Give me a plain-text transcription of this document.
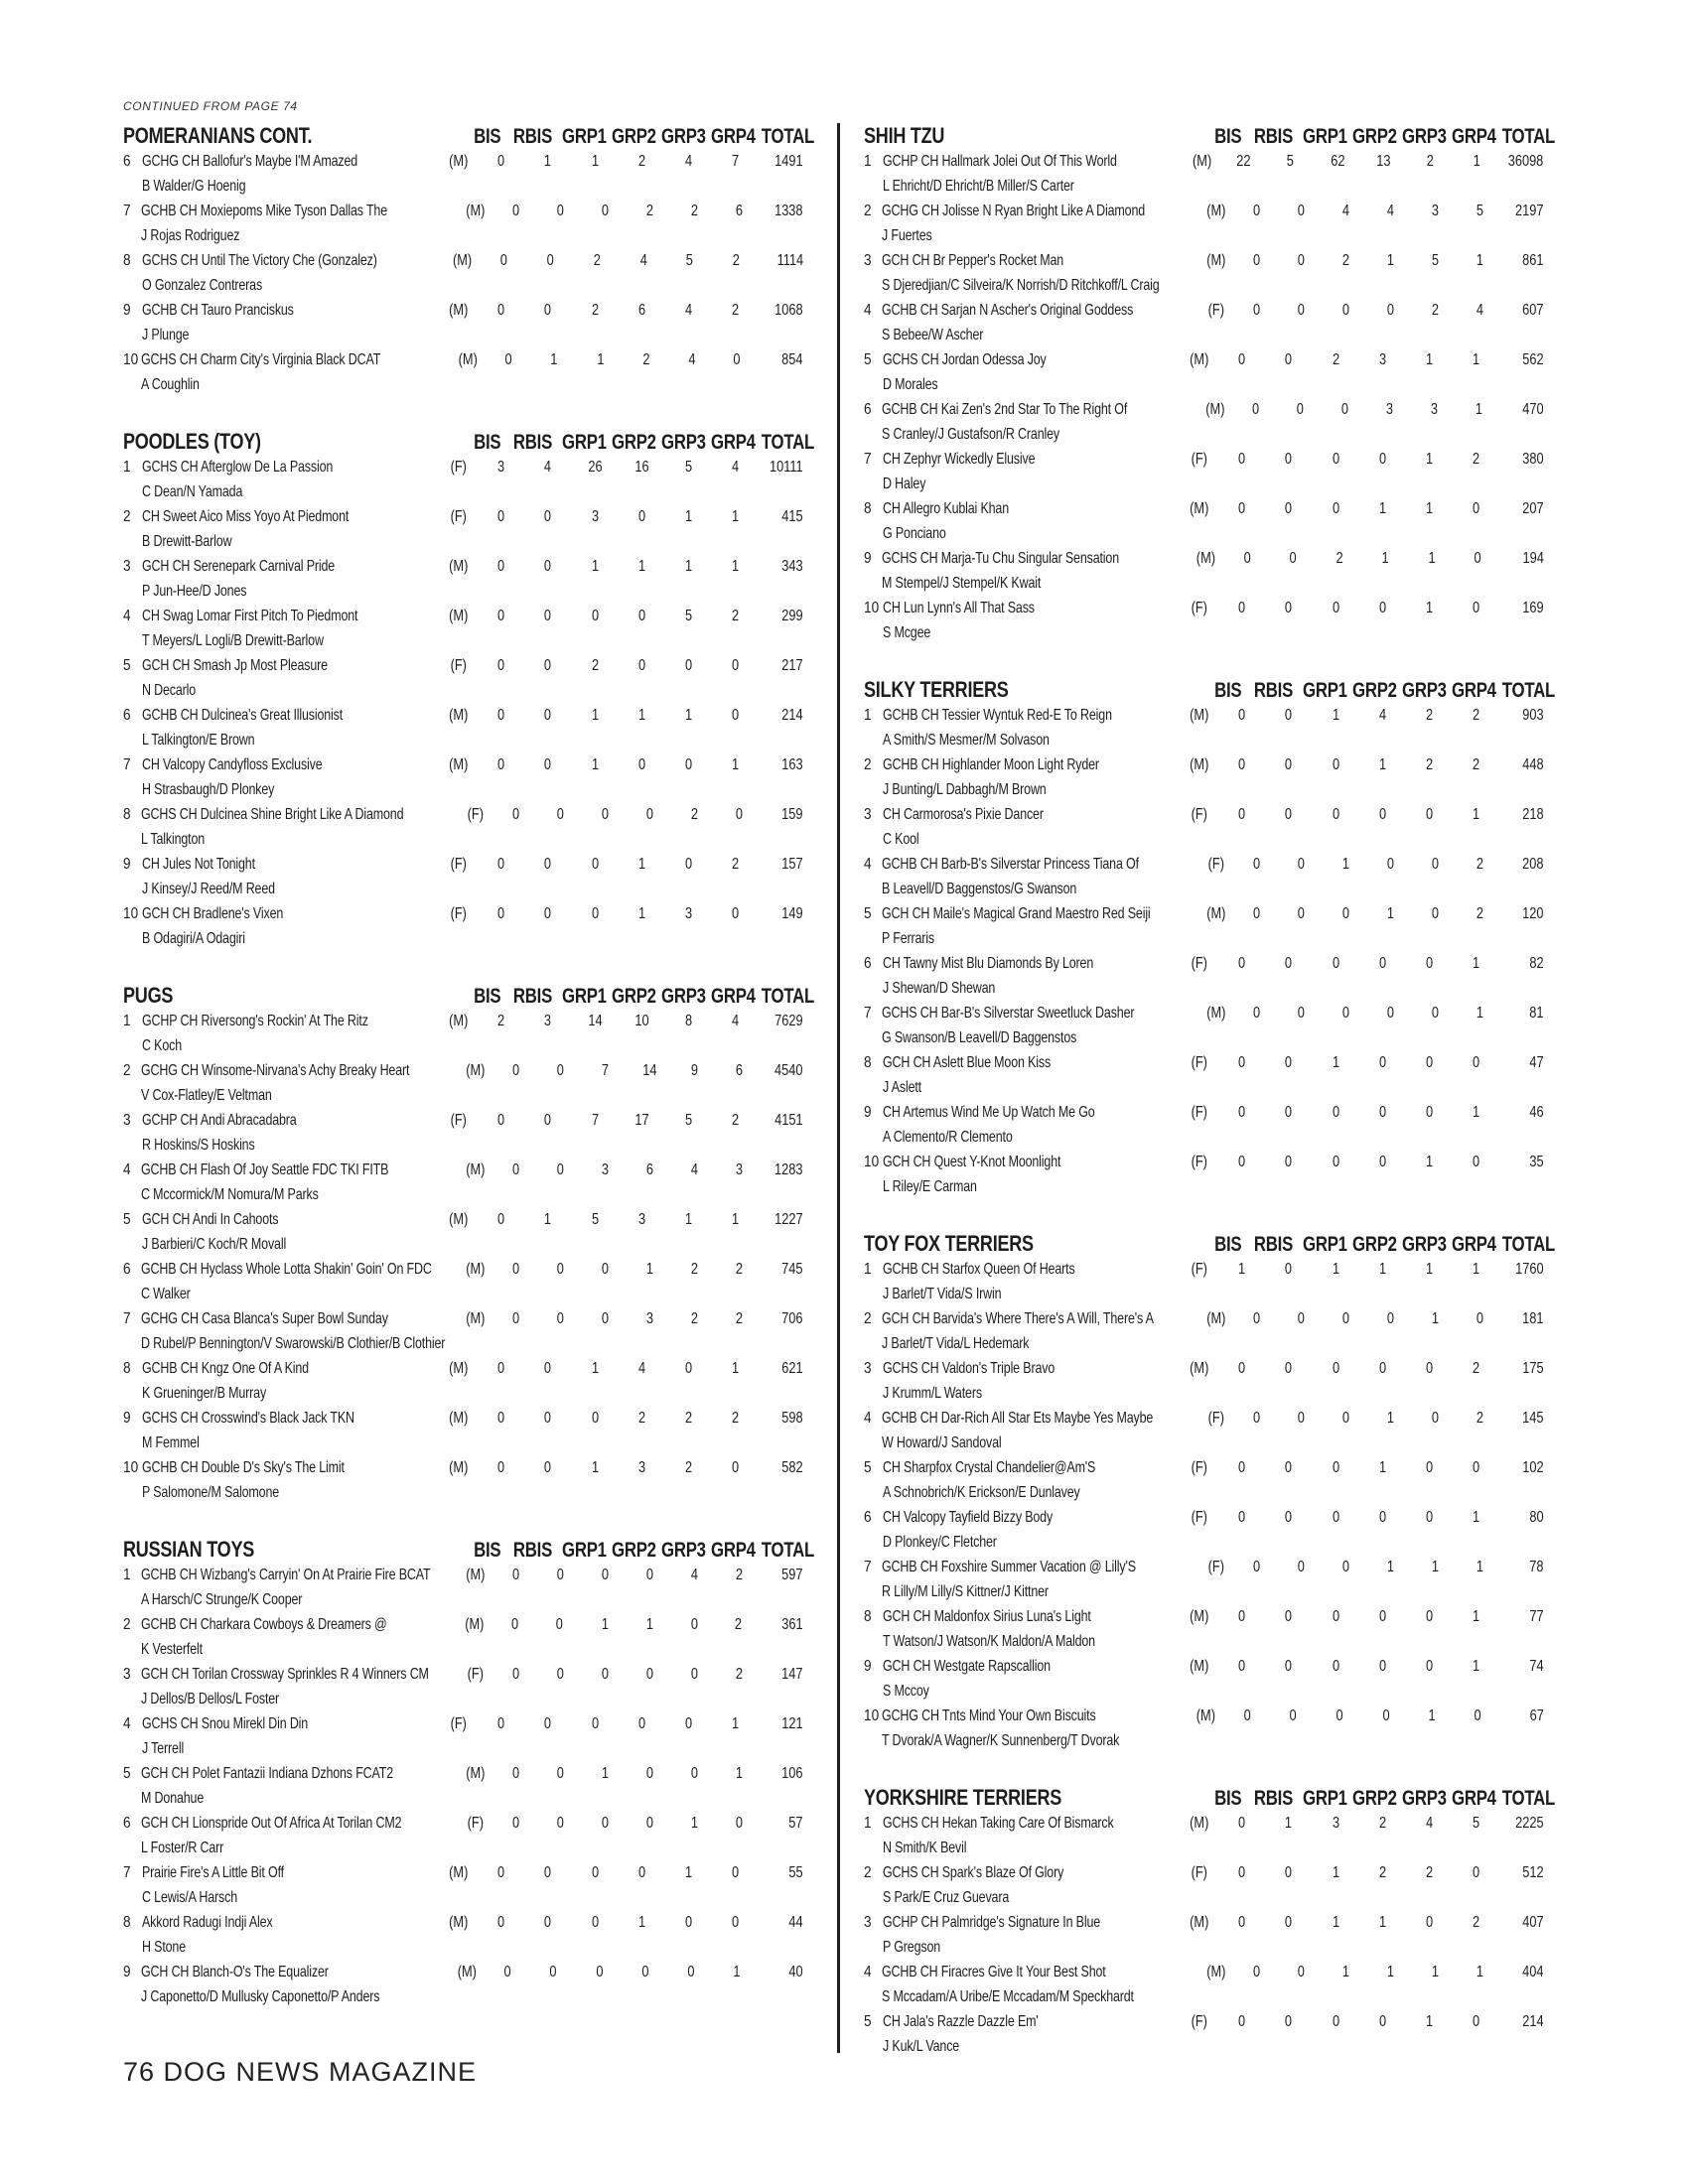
CONTINUED FROM PAGE 74
POMERANIANS CONT.	BIS RBIS GRP1 GRP2 GRP3 GRP4 TOTAL
6 GCHG CH Ballofur's Maybe I'M Amazed
B Walder/G Hoenig
(M)	0	1	1	2	4	7	1491
7 GCHB CH Moxiepoms Mike Tyson Dallas The
J Rojas Rodriguez
(M)	0	0	0	2	2	6	1338
8 GCHS CH Until The Victory Che (Gonzalez)
O Gonzalez Contreras
(M)	0	0	2	4	5	2	1114
9 GCHB CH Tauro Pranciskus
J Plunge
(M)	0	0	2	6	4	2	1068
10 GCHS CH Charm City's Virginia Black DCAT
A Coughlin
(M)	0	1	1	2	4	0	854
POODLES (TOY)	BIS RBIS GRP1 GRP2 GRP3 GRP4 TOTAL
1 GCHS CH Afterglow De La Passion
C Dean/N Yamada
(F)	3	4	26	16	5	4	10111
2 CH Sweet Aico Miss Yoyo At Piedmont
B Drewitt-Barlow
(F)	0	0	3	0	1	1	415
3 GCH CH Serenepark Carnival Pride
P Jun-Hee/D Jones
(M)	0	0	1	1	1	1	343
4 CH Swag Lomar First Pitch To Piedmont
T Meyers/L Logli/B Drewitt-Barlow
(M)	0	0	0	0	5	2	299
5 GCH CH Smash Jp Most Pleasure
N Decarlo
(F)	0	0	2	0	0	0	217
6 GCHB CH Dulcinea's Great Illusionist
L Talkington/E Brown
(M)	0	0	1	1	1	0	214
7 CH Valcopy Candyfloss Exclusive
H Strasbaugh/D Plonkey
(M)	0	0	1	0	0	1	163
8 GCHS CH Dulcinea Shine Bright Like A Diamond
L Talkington
(F)	0	0	0	0	2	0	159
9 CH Jules Not Tonight
J Kinsey/J Reed/M Reed
(F)	0	0	0	1	0	2	157
10 GCH CH Bradlene's Vixen
B Odagiri/A Odagiri
(F)	0	0	0	1	3	0	149
PUGS	BIS RBIS GRP1 GRP2 GRP3 GRP4 TOTAL
1 GCHP CH Riversong's Rockin' At The Ritz
C Koch
(M)	2	3	14	10	8	4	7629
2 GCHG CH Winsome-Nirvana's Achy Breaky Heart
V Cox-Flatley/E Veltman
(M)	0	0	7	14	9	6	4540
3 GCHP CH Andi Abracadabra
R Hoskins/S Hoskins
(F)	0	0	7	17	5	2	4151
4 GCHB CH Flash Of Joy Seattle FDC TKI FITB
C Mccormick/M Nomura/M Parks
(M)	0	0	3	6	4	3	1283
5 GCH CH Andi In Cahoots
J Barbieri/C Koch/R Movall
(M)	0	1	5	3	1	1	1227
6 GCHB CH Hyclass Whole Lotta Shakin' Goin' On FDC
C Walker
(M)	0	0	0	1	2	2	745
7 GCHG CH Casa Blanca's Super Bowl Sunday
D Rubel/P Bennington/V Swarowski/B Clothier/B Clothier
(M)	0	0	0	3	2	2	706
8 GCHB CH Kngz One Of A Kind
K Grueninger/B Murray
(M)	0	0	1	4	0	1	621
9 GCHS CH Crosswind's Black Jack TKN
M Femmel
(M)	0	0	0	2	2	2	598
10 GCHB CH Double D's Sky's The Limit
P Salomone/M Salomone
(M)	0	0	1	3	2	0	582
RUSSIAN TOYS	BIS RBIS GRP1 GRP2 GRP3 GRP4 TOTAL
1 GCHB CH Wizbang's Carryin' On At Prairie Fire BCAT
A Harsch/C Strunge/K Cooper
(M)	0	0	0	0	4	2	597
2 GCHB CH Charkara Cowboys & Dreamers @
K Vesterfelt
(M)	0	0	1	1	0	2	361
3 GCH CH Torilan Crossway Sprinkles R 4 Winners CM
J Dellos/B Dellos/L Foster
(F)	0	0	0	0	0	2	147
4 GCHS CH Snou Mirekl Din Din
J Terrell
(F)	0	0	0	0	0	1	121
5 GCH CH Polet Fantazii Indiana Dzhons FCAT2
M Donahue
(M)	0	0	1	0	0	1	106
6 GCH CH Lionspride Out Of Africa At Torilan CM2
L Foster/R Carr
(F)	0	0	0	0	1	0	57
7 Prairie Fire's A Little Bit Off
C Lewis/A Harsch
(M)	0	0	0	0	1	0	55
8 Akkord Radugi Indji Alex
H Stone
(M)	0	0	0	1	0	0	44
9 GCH CH Blanch-O's The Equalizer
J Caponetto/D Mullusky Caponetto/P Anders
(M)	0	0	0	0	0	1	40
SHIH TZU	BIS RBIS GRP1 GRP2 GRP3 GRP4 TOTAL
1 GCHP CH Hallmark Jolei Out Of This World
L Ehricht/D Ehricht/B Miller/S Carter
(M)	22	5	62	13	2	1	36098
2 GCHG CH Jolisse N Ryan Bright Like A Diamond
J Fuertes
(M)	0	0	4	4	3	5	2197
3 GCH CH Br Pepper's Rocket Man
S Djeredjian/C Silveira/K Norrish/D Ritchkoff/L Craig
(M)	0	0	2	1	5	1	861
4 GCHB CH Sarjan N Ascher's Original Goddess
S Bebee/W Ascher
(F)	0	0	0	0	2	4	607
5 GCHS CH Jordan Odessa Joy
D Morales
(M)	0	0	2	3	1	1	562
6 GCHB CH Kai Zen's 2nd Star To The Right Of
S Cranley/J Gustafson/R Cranley
(M)	0	0	0	3	3	1	470
7 CH Zephyr Wickedly Elusive
D Haley
(F)	0	0	0	0	1	2	380
8 CH Allegro Kublai Khan
G Ponciano
(M)	0	0	0	1	1	0	207
9 GCHS CH Marja-Tu Chu Singular Sensation
M Stempel/J Stempel/K Kwait
(M)	0	0	2	1	1	0	194
10 CH Lun Lynn's All That Sass
S Mcgee
(F)	0	0	0	0	1	0	169
SILKY TERRIERS	BIS RBIS GRP1 GRP2 GRP3 GRP4 TOTAL
1 GCHB CH Tessier Wyntuk Red-E To Reign
A Smith/S Mesmer/M Solvason
(M)	0	0	1	4	2	2	903
2 GCHB CH Highlander Moon Light Ryder
J Bunting/L Dabbagh/M Brown
(M)	0	0	0	1	2	2	448
3 CH Carmorosa's Pixie Dancer
C Kool
(F)	0	0	0	0	0	1	218
4 GCHB CH Barb-B's Silverstar Princess Tiana Of
B Leavell/D Baggenstos/G Swanson
(F)	0	0	1	0	0	2	208
5 GCH CH Maile's Magical Grand Maestro Red Seiji
P Ferraris
(M)	0	0	0	1	0	2	120
6 CH Tawny Mist Blu Diamonds By Loren
J Shewan/D Shewan
(F)	0	0	0	0	0	1	82
7 GCHS CH Bar-B's Silverstar Sweetluck Dasher
G Swanson/B Leavell/D Baggenstos
(M)	0	0	0	0	0	1	81
8 GCH CH Aslett Blue Moon Kiss
J Aslett
(F)	0	0	1	0	0	0	47
9 CH Artemus Wind Me Up Watch Me Go
A Clemento/R Clemento
(F)	0	0	0	0	0	1	46
10 GCH CH Quest Y-Knot Moonlight
L Riley/E Carman
(F)	0	0	0	0	1	0	35
TOY FOX TERRIERS	BIS RBIS GRP1 GRP2 GRP3 GRP4 TOTAL
1 GCHB CH Starfox Queen Of Hearts
J Barlet/T Vida/S Irwin
(F)	1	0	1	1	1	1	1760
2 GCH CH Barvida's Where There's A Will, There's A
J Barlet/T Vida/L Hedemark
(M)	0	0	0	0	1	0	181
3 GCHS CH Valdon's Triple Bravo
J Krumm/L Waters
(M)	0	0	0	0	0	2	175
4 GCHB CH Dar-Rich All Star Ets Maybe Yes Maybe
W Howard/J Sandoval
(F)	0	0	0	1	0	2	145
5 CH Sharpfox Crystal Chandelier@Am'S
A Schnobrich/K Erickson/E Dunlavey
(F)	0	0	0	1	0	0	102
6 CH Valcopy Tayfield Bizzy Body
D Plonkey/C Fletcher
(F)	0	0	0	0	0	1	80
7 GCHB CH Foxshire Summer Vacation @ Lilly'S
R Lilly/M Lilly/S Kittner/J Kittner
(F)	0	0	0	1	1	1	78
8 GCH CH Maldonfox Sirius Luna's Light
T Watson/J Watson/K Maldon/A Maldon
(M)	0	0	0	0	0	1	77
9 GCH CH Westgate Rapscallion
S Mccoy
(M)	0	0	0	0	0	1	74
10 GCHG CH Tnts Mind Your Own Biscuits
T Dvorak/A Wagner/K Sunnenberg/T Dvorak
(M)	0	0	0	0	1	0	67
YORKSHIRE TERRIERS	BIS RBIS GRP1 GRP2 GRP3 GRP4 TOTAL
1 GCHS CH Hekan Taking Care Of Bismarck
N Smith/K Bevil
(M)	0	1	3	2	4	5	2225
2 GCHS CH Spark's Blaze Of Glory
S Park/E Cruz Guevara
(F)	0	0	1	2	2	0	512
3 GCHP CH Palmridge's Signature In Blue
P Gregson
(M)	0	0	1	1	0	2	407
4 GCHB CH Firacres Give It Your Best Shot
S Mccadam/A Uribe/E Mccadam/M Speckhardt
(M)	0	0	1	1	1	1	404
5 CH Jala's Razzle Dazzle Em'
J Kuk/L Vance
(F)	0	0	0	0	1	0	214
76 DOG NEWS MAGAZINE
